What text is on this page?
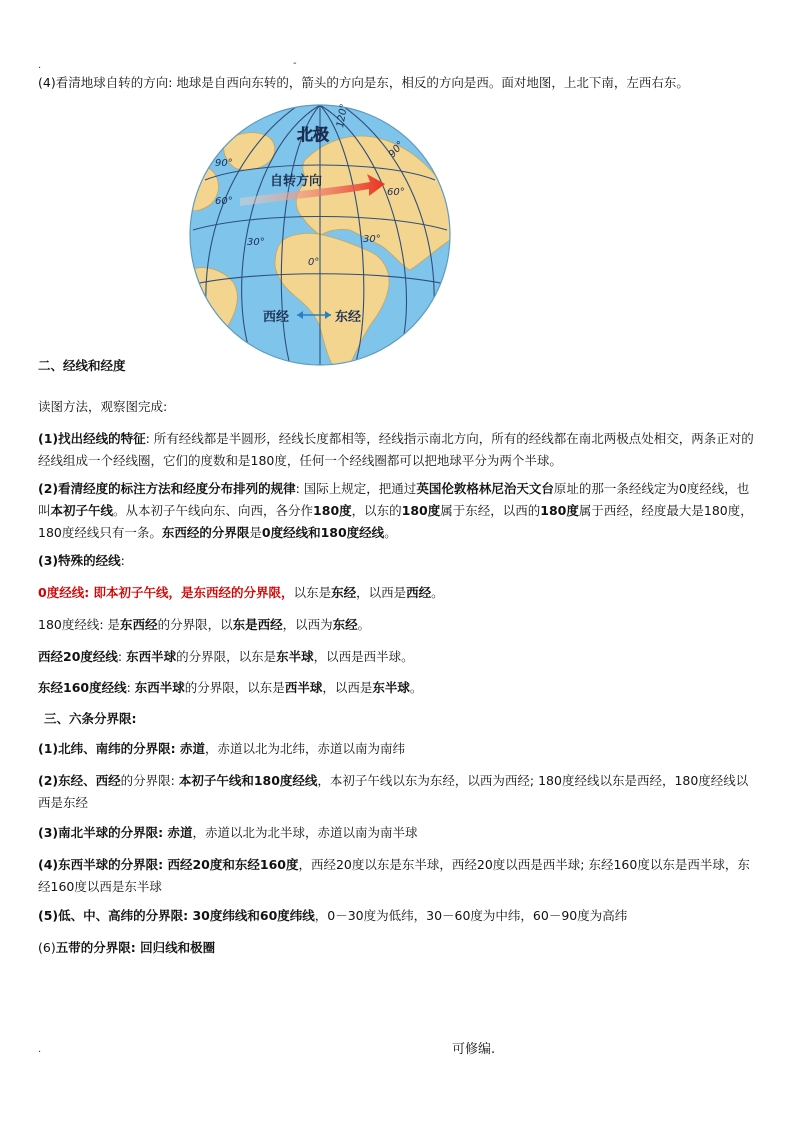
.	-
(4)看清地球自转的方向: 地球是自西向东转的，箭头的方向是东，相反的方向是西。面对地图，上北下南，左西右东。
自转方向
北极
120°
90°
60°
30°
0°
30°
60°
90°
西经	东经
二、经线和经度
读图方法，观察图完成:
(1)找出经线的特征: 所有经线都是半圆形，经线长度都相等，经线指示南北方向，所有的经线都在南北两极点处相交，两条正对的经线组成一个经线圈，它们的度数和是180度，任何一个经线圈都可以把地球平分为两个半球。
(2)看清经度的标注方法和经度分布排列的规律: 国际上规定，把通过英国伦敦格林尼治天文台原址的那一条经线定为0度经线，也叫本初子午线。从本初子午线向东、向西，各分作180度，以东的180度属于东经，以西的180度属于西经，经度最大是180度，180度经线只有一条。东西经的分界限是0度经线和180度经线。
(3)特殊的经线:
0度经线: 即本初子午线，是东西经的分界限，以东是东经，以西是西经。
180度经线: 是东西经的分界限，以东是西经，以西为东经。
西经20度经线: 东西半球的分界限，以东是东半球，以西是西半球。
东经160度经线: 东西半球的分界限，以东是西半球，以西是东半球。
三、六条分界限:
(1)北纬、南纬的分界限: 赤道，赤道以北为北纬，赤道以南为南纬
(2)东经、西经的分界限: 本初子午线和180度经线，本初子午线以东为东经，以西为西经; 180度经线以东是西经，180度经线以西是东经
(3)南北半球的分界限: 赤道，赤道以北为北半球，赤道以南为南半球
(4)东西半球的分界限: 西经20度和东经160度，西经20度以东是东半球，西经20度以西是西半球; 东经160度以东是西半球，东经160度以西是东半球
(5)低、中、高纬的分界限: 30度纬线和60度纬线，0－30度为低纬，30－60度为中纬，60－90度为高纬
(6)五带的分界限: 回归线和极圈
.	可修编.
